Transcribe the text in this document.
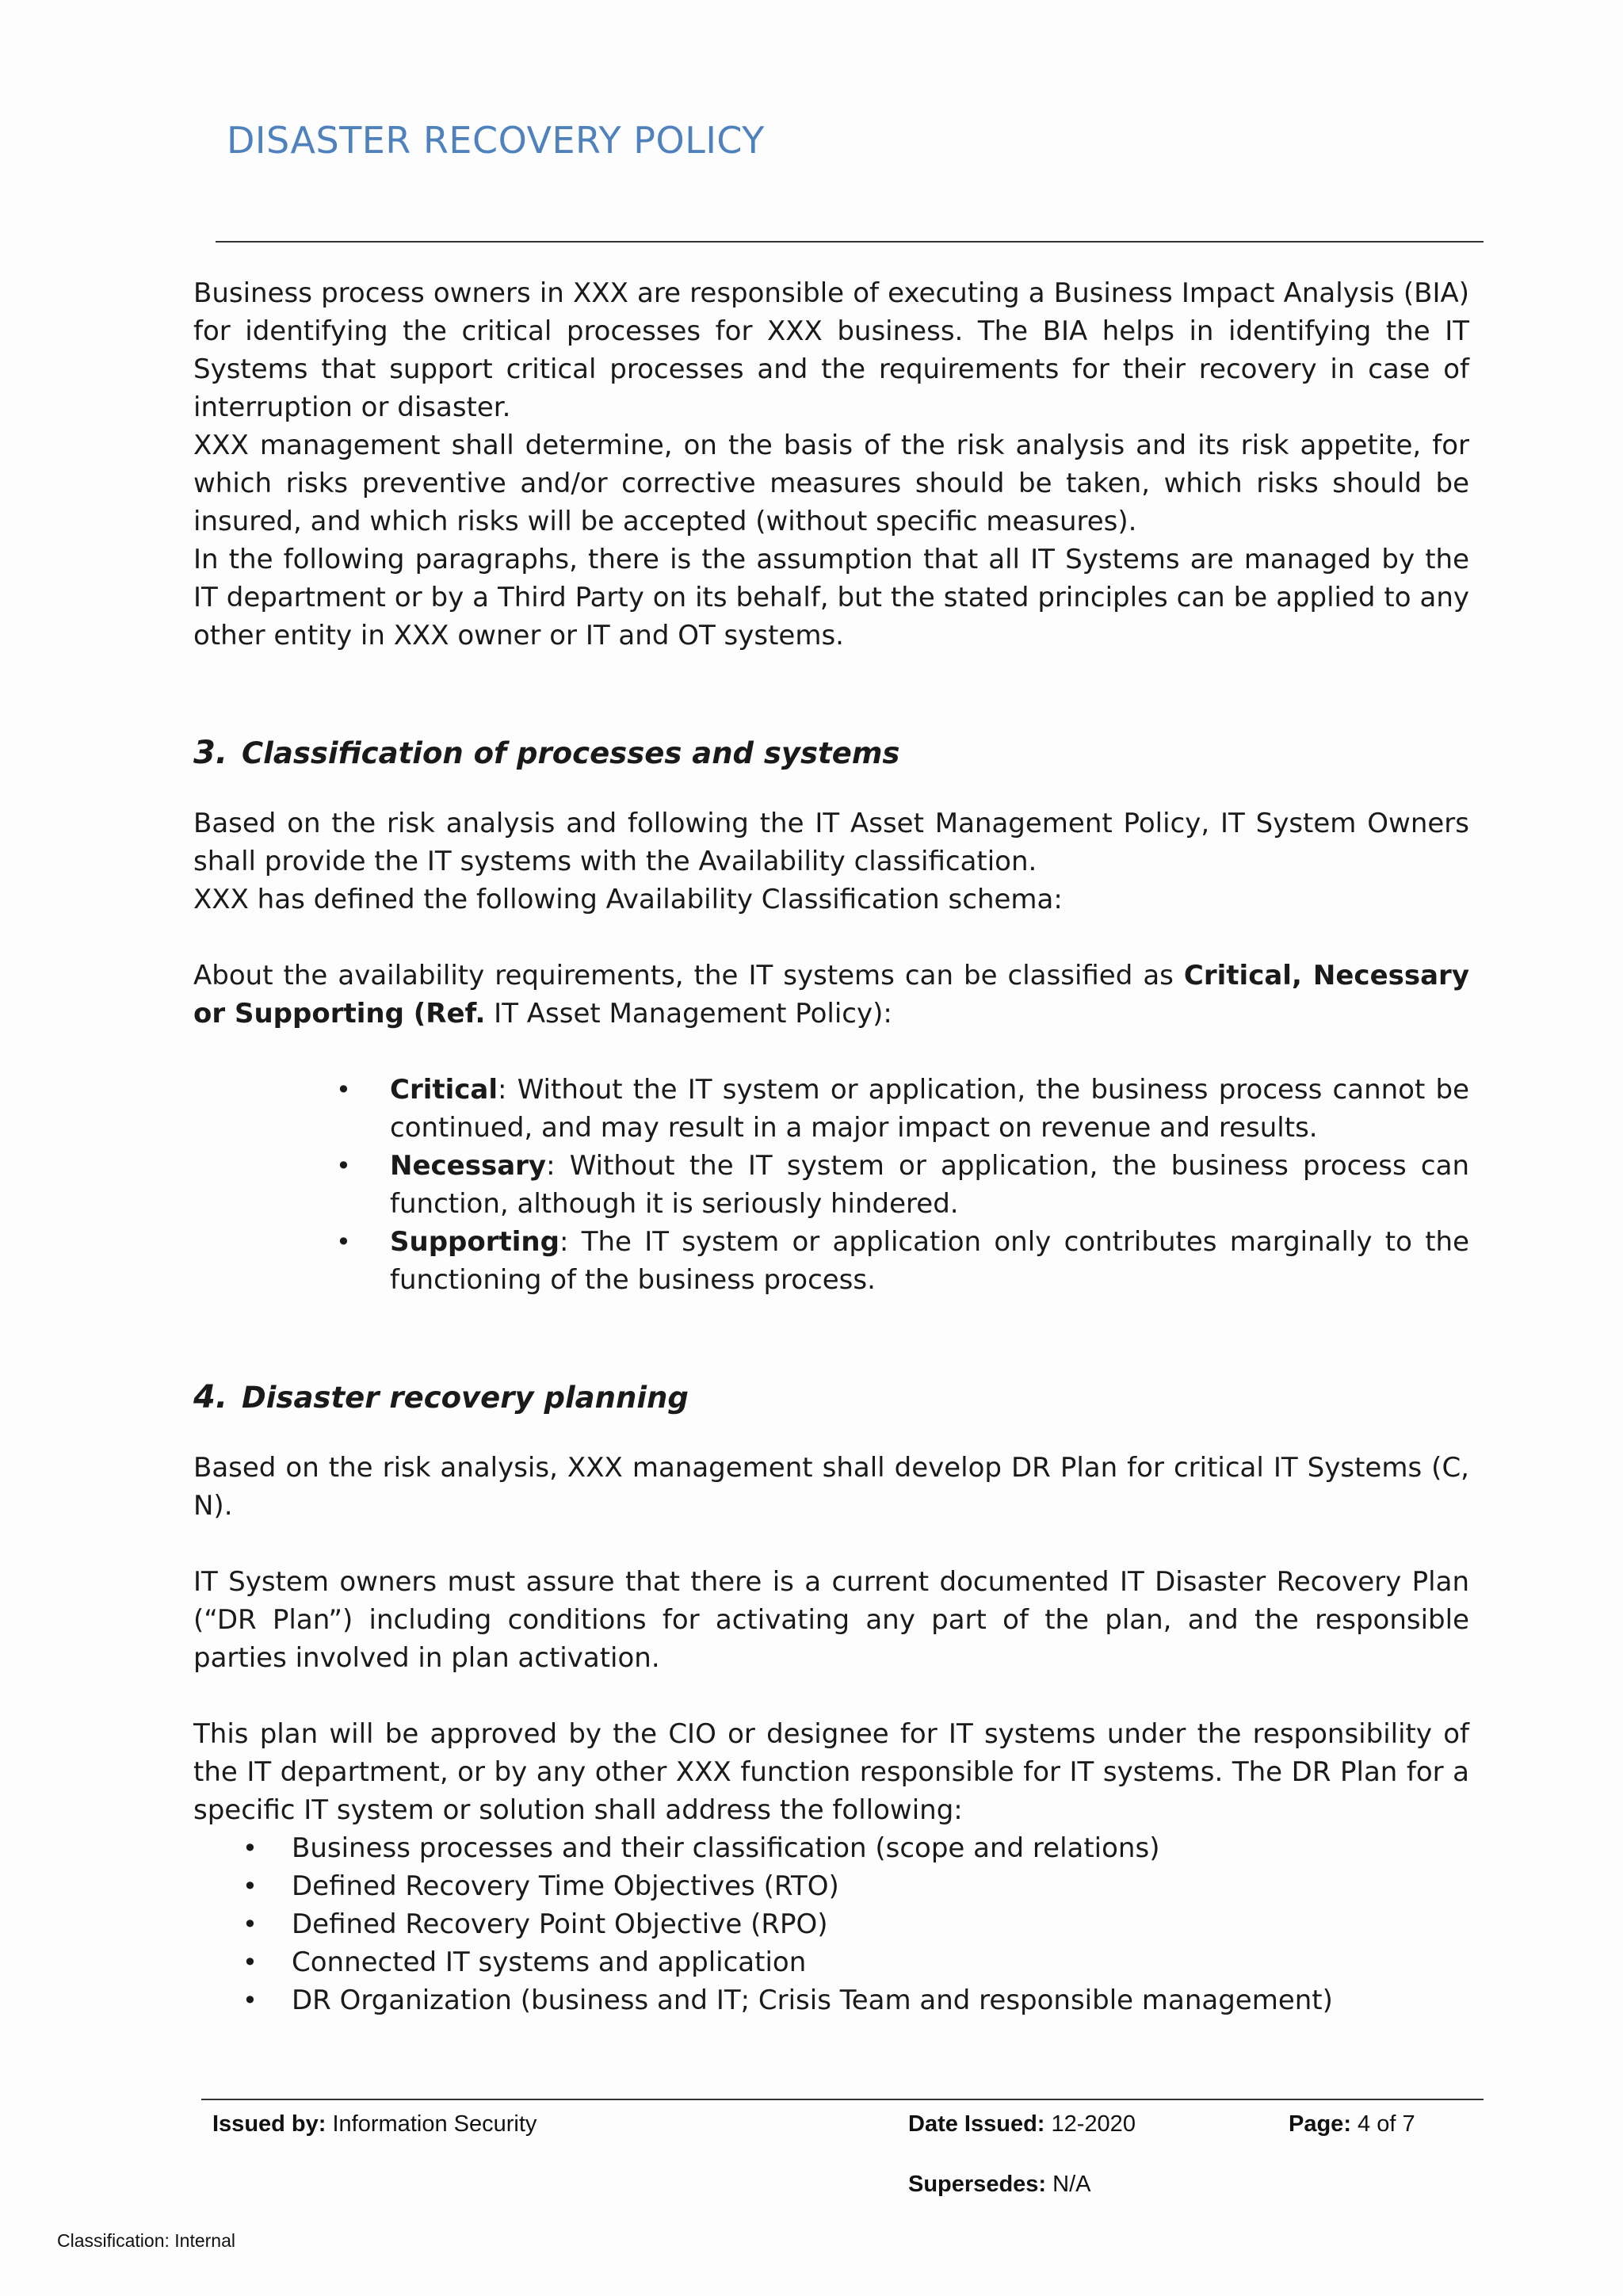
DISASTER RECOVERY POLICY

Business process owners in XXX are responsible of executing a Business Impact Analysis (BIA) for identifying the critical processes for XXX business. The BIA helps in identifying the IT Systems that support critical processes and the requirements for their recovery in case of interruption or disaster.

XXX management shall determine, on the basis of the risk analysis and its risk appetite, for which risks preventive and/or corrective measures should be taken, which risks should be insured, and which risks will be accepted (without specific measures).

In the following paragraphs, there is the assumption that all IT Systems are managed by the IT department or by a Third Party on its behalf, but the stated principles can be applied to any other entity in XXX owner or IT and OT systems.

3. Classification of processes and systems

Based on the risk analysis and following the IT Asset Management Policy, IT System Owners shall provide the IT systems with the Availability classification.

XXX has defined the following Availability Classification schema:

About the availability requirements, the IT systems can be classified as Critical, Necessary or Supporting (Ref. IT Asset Management Policy):

• Critical: Without the IT system or application, the business process cannot be continued, and may result in a major impact on revenue and results.
• Necessary: Without the IT system or application, the business process can function, although it is seriously hindered.
• Supporting: The IT system or application only contributes marginally to the functioning of the business process.
4. Disaster recovery planning

Based on the risk analysis, XXX management shall develop DR Plan for critical IT Systems (C, N).

IT System owners must assure that there is a current documented IT Disaster Recovery Plan (“DR Plan”) including conditions for activating any part of the plan, and the responsible parties involved in plan activation.

This plan will be approved by the CIO or designee for IT systems under the responsibility of the IT department, or by any other XXX function responsible for IT systems. The DR Plan for a specific IT system or solution shall address the following:

• Business processes and their classification (scope and relations)
• Defined Recovery Time Objectives (RTO)
• Defined Recovery Point Objective (RPO)
• Connected IT systems and application
• DR Organization (business and IT; Crisis Team and responsible management)
Issued by: Information Security	Date Issued: 12-2020	Page: 4 of 7
Supersedes: N/A
Classification: Internal
